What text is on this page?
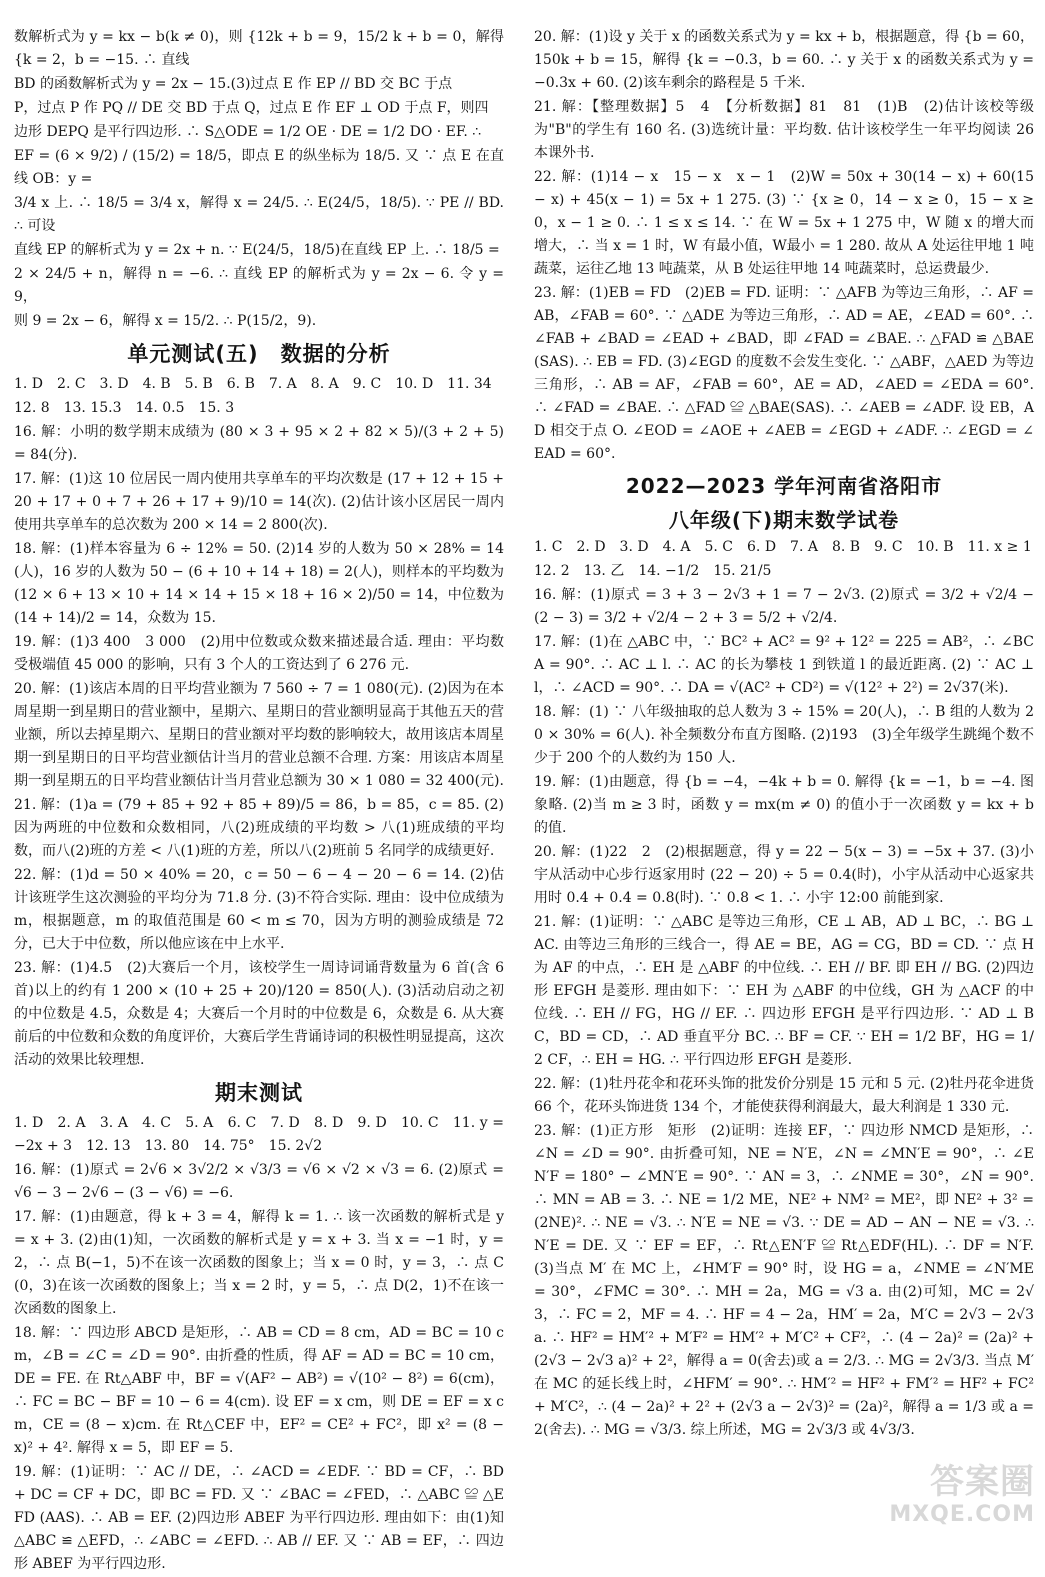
数解析式为 y = kx − b(k ≠ 0)，则 {12k + b = 9，15/2 k + b = 0，解得 {k = 2，b = −15. ∴ 直线

BD 的函数解析式为 y = 2x − 15.(3)过点 E 作 EP // BD 交 BC 于点

P，过点 P 作 PQ // DE 交 BD 于点 Q，过点 E 作 EF ⊥ OD 于点 F，则四

边形 DEPQ 是平行四边形. ∴ S△ODE = 1/2 OE · DE = 1/2 DO · EF. ∴

EF = (6 × 9/2) / (15/2) = 18/5，即点 E 的纵坐标为 18/5. 又 ∵ 点 E 在直线 OB：y =

3/4 x 上. ∴ 18/5 = 3/4 x，解得 x = 24/5. ∴ E(24/5，18/5). ∵ PE // BD. ∴ 可设

直线 EP 的解析式为 y = 2x + n. ∵ E(24/5，18/5)在直线 EP 上. ∴ 18/5 =

2 × 24/5 + n，解得 n = −6. ∴ 直线 EP 的解析式为 y = 2x − 6. 令 y = 9，

则 9 = 2x − 6，解得 x = 15/2. ∴ P(15/2，9).

单元测试(五)　数据的分析

1. D　2. C　3. D　4. B　5. B　6. B　7. A　8. A　9. C　10. D　11. 34

12. 8　13. 15.3　14. 0.5　15. 3

16. 解：小明的数学期末成绩为 (80 × 3 + 95 × 2 + 82 × 5)/(3 + 2 + 5) = 84(分).

17. 解：(1)这 10 位居民一周内使用共享单车的平均次数是 (17 + 12 + 15 + 20 + 17 + 0 + 7 + 26 + 17 + 9)/10 = 14(次). (2)估计该小区居民一周内使用共享单车的总次数为 200 × 14 = 2 800(次).

18. 解：(1)样本容量为 6 ÷ 12% = 50. (2)14 岁的人数为 50 × 28% = 14 (人)，16 岁的人数为 50 − (6 + 10 + 14 + 18) = 2(人)，则样本的平均数为 (12 × 6 + 13 × 10 + 14 × 14 + 15 × 18 + 16 × 2)/50 = 14，中位数为 (14 + 14)/2 = 14，众数为 15.

19. 解：(1)3 400　3 000　(2)用中位数或众数来描述最合适. 理由：平均数受极端值 45 000 的影响，只有 3 个人的工资达到了 6 276 元.

20. 解：(1)该店本周的日平均营业额为 7 560 ÷ 7 = 1 080(元). (2)因为在本周星期一到星期日的营业额中，星期六、星期日的营业额明显高于其他五天的营业额，所以去掉星期六、星期日的营业额对平均数的影响较大，故用该店本周星期一到星期日的日平均营业额估计当月的营业总额不合理. 方案：用该店本周星期一到星期五的日平均营业额估计当月营业总额为 30 × 1 080 = 32 400(元).

21. 解：(1)a = (79 + 85 + 92 + 85 + 89)/5 = 86，b = 85，c = 85. (2)因为两班的中位数和众数相同，八(2)班成绩的平均数 > 八(1)班成绩的平均数，而八(2)班的方差 < 八(1)班的方差，所以八(2)班前 5 名同学的成绩更好.

22. 解：(1)d = 50 × 40% = 20，c = 50 − 6 − 4 − 20 − 6 = 14. (2)估计该班学生这次测验的平均分为 71.8 分. (3)不符合实际. 理由：设中位成绩为 m，根据题意，m 的取值范围是 60 < m ≤ 70，因为方明的测验成绩是 72 分，已大于中位数，所以他应该在中上水平.

23. 解：(1)4.5　(2)大赛后一个月，该校学生一周诗词诵背数量为 6 首(含 6 首)以上的约有 1 200 × (10 + 25 + 20)/120 = 850(人). (3)活动启动之初的中位数是 4.5，众数是 4；大赛后一个月时的中位数是 6，众数是 6. 从大赛前后的中位数和众数的角度评价，大赛后学生背诵诗词的积极性明显提高，这次活动的效果比较理想.

期末测试

1. D　2. A　3. A　4. C　5. A　6. C　7. D　8. D　9. D　10. C　11. y = −2x + 3　12. 13　13. 80　14. 75°　15. 2√2

16. 解：(1)原式 = 2√6 × 3√2/2 × √3/3 = √6 × √2 × √3 = 6. (2)原式 = √6 − 3 − 2√6 − (3 − √6) = −6.

17. 解：(1)由题意，得 k + 3 = 4，解得 k = 1. ∴ 该一次函数的解析式是 y = x + 3. (2)由(1)知，一次函数的解析式是 y = x + 3. 当 x = −1 时，y = 2，∴ 点 B(−1，5)不在该一次函数的图象上；当 x = 0 时，y = 3，∴ 点 C(0，3)在该一次函数的图象上；当 x = 2 时，y = 5，∴ 点 D(2，1)不在该一次函数的图象上.

18. 解：∵ 四边形 ABCD 是矩形，∴ AB = CD = 8 cm，AD = BC = 10 cm，∠B = ∠C = ∠D = 90°. 由折叠的性质，得 AF = AD = BC = 10 cm，DE = FE. 在 Rt△ABF 中，BF = √(AF² − AB²) = √(10² − 8²) = 6(cm)，∴ FC = BC − BF = 10 − 6 = 4(cm). 设 EF = x cm，则 DE = EF = x cm，CE = (8 − x)cm. 在 Rt△CEF 中，EF² = CE² + FC²，即 x² = (8 − x)² + 4². 解得 x = 5，即 EF = 5.

19. 解：(1)证明：∵ AC // DE，∴ ∠ACD = ∠EDF. ∵ BD = CF，∴ BD + DC = CF + DC，即 BC = FD. 又 ∵ ∠BAC = ∠FED，∴ △ABC ≌ △EFD (AAS). ∴ AB = EF. (2)四边形 ABEF 为平行四边形. 理由如下：由(1)知 △ABC ≌ △EFD，∴ ∠ABC = ∠EFD. ∴ AB // EF. 又 ∵ AB = EF，∴ 四边形 ABEF 为平行四边形.

20. 解：(1)设 y 关于 x 的函数关系式为 y = kx + b，根据题意，得 {b = 60，150k + b = 15，解得 {k = −0.3，b = 60. ∴ y 关于 x 的函数关系式为 y = −0.3x + 60. (2)该车剩余的路程是 5 千米.

21. 解：【整理数据】5　4　【分析数据】81　81　(1)B　(2)估计该校等级为"B"的学生有 160 名. (3)选统计量：平均数. 估计该校学生一年平均阅读 26 本课外书.

22. 解：(1)14 − x　15 − x　x − 1　(2)W = 50x + 30(14 − x) + 60(15 − x) + 45(x − 1) = 5x + 1 275. (3) ∵ {x ≥ 0，14 − x ≥ 0，15 − x ≥ 0，x − 1 ≥ 0. ∴ 1 ≤ x ≤ 14. ∵ 在 W = 5x + 1 275 中，W 随 x 的增大而增大，∴ 当 x = 1 时，W 有最小值，W最小 = 1 280. 故从 A 处运往甲地 1 吨蔬菜，运往乙地 13 吨蔬菜，从 B 处运往甲地 14 吨蔬菜时，总运费最少.

23. 解：(1)EB = FD　(2)EB = FD. 证明：∵ △AFB 为等边三角形，∴ AF = AB，∠FAB = 60°. ∵ △ADE 为等边三角形，∴ AD = AE，∠EAD = 60°. ∴ ∠FAB + ∠BAD = ∠EAD + ∠BAD，即 ∠FAD = ∠BAE. ∴ △FAD ≌ △BAE(SAS). ∴ EB = FD. (3)∠EGD 的度数不会发生变化. ∵ △ABF，△AED 为等边三角形，∴ AB = AF，∠FAB = 60°，AE = AD，∠AED = ∠EDA = 60°. ∴ ∠FAD = ∠BAE. ∴ △FAD ≌ △BAE(SAS). ∴ ∠AEB = ∠ADF. 设 EB，AD 相交于点 O. ∠EOD = ∠AOE + ∠AEB = ∠EGD + ∠ADF. ∴ ∠EGD = ∠EAD = 60°.

2022—2023 学年河南省洛阳市
八年级(下)期末数学试卷

1. C　2. D　3. D　4. A　5. C　6. D　7. A　8. B　9. C　10. B　11. x ≥ 1

12. 2　13. 乙　14. −1/2　15. 21/5

16. 解：(1)原式 = 3 + 3 − 2√3 + 1 = 7 − 2√3. (2)原式 = 3/2 + √2/4 − (2 − 3) = 3/2 + √2/4 − 2 + 3 = 5/2 + √2/4.

17. 解：(1)在 △ABC 中，∵ BC² + AC² = 9² + 12² = 225 = AB²，∴ ∠BCA = 90°. ∴ AC ⊥ l. ∴ AC 的长为攀枝 1 到铁道 l 的最近距离. (2) ∵ AC ⊥ l，∴ ∠ACD = 90°. ∴ DA = √(AC² + CD²) = √(12² + 2²) = 2√37(米).

18. 解：(1) ∵ 八年级抽取的总人数为 3 ÷ 15% = 20(人)，∴ B 组的人数为 20 × 30% = 6(人). 补全频数分布直方图略. (2)193　(3)全年级学生跳绳个数不少于 200 个的人数约为 150 人.

19. 解：(1)由题意，得 {b = −4，−4k + b = 0. 解得 {k = −1，b = −4. 图象略. (2)当 m ≥ 3 时，函数 y = mx(m ≠ 0) 的值小于一次函数 y = kx + b 的值.

20. 解：(1)22　2　(2)根据题意，得 y = 22 − 5(x − 3) = −5x + 37. (3)小宇从活动中心步行返家用时 (22 − 20) ÷ 5 = 0.4(时)，小宇从活动中心返家共用时 0.4 + 0.4 = 0.8(时). ∵ 0.8 < 1. ∴ 小宇 12:00 前能到家.

21. 解：(1)证明：∵ △ABC 是等边三角形，CE ⊥ AB，AD ⊥ BC，∴ BG ⊥ AC. 由等边三角形的三线合一，得 AE = BE，AG = CG，BD = CD. ∵ 点 H 为 AF 的中点，∴ EH 是 △ABF 的中位线. ∴ EH // BF. 即 EH // BG. (2)四边形 EFGH 是菱形. 理由如下：∵ EH 为 △ABF 的中位线，GH 为 △ACF 的中位线. ∴ EH // FG，HG // EF. ∴ 四边形 EFGH 是平行四边形. ∵ AD ⊥ BC，BD = CD，∴ AD 垂直平分 BC. ∴ BF = CF. ∵ EH = 1/2 BF，HG = 1/2 CF，∴ EH = HG. ∴ 平行四边形 EFGH 是菱形.

22. 解：(1)牡丹花伞和花环头饰的批发价分别是 15 元和 5 元. (2)牡丹花伞进货 66 个，花环头饰进货 134 个，才能使获得利润最大，最大利润是 1 330 元.

23. 解：(1)正方形　矩形　(2)证明：连接 EF，∵ 四边形 NMCD 是矩形，∴ ∠N = ∠D = 90°. 由折叠可知，NE = N′E，∠N = ∠MN′E = 90°，∴ ∠EN′F = 180° − ∠MN′E = 90°. ∵ AN = 3，∴ ∠NME = 30°，∠N = 90°. ∴ MN = AB = 3. ∴ NE = 1/2 ME，NE² + NM² = ME²，即 NE² + 3² = (2NE)². ∴ NE = √3. ∴ N′E = NE = √3. ∵ DE = AD − AN − NE = √3. ∴ N′E = DE. 又 ∵ EF = EF，∴ Rt△EN′F ≌ Rt△EDF(HL). ∴ DF = N′F. (3)当点 M′ 在 MC 上，∠HM′F = 90° 时，设 HG = a，∠NME = ∠N′ME = 30°，∠FMC = 30°. ∴ MH = 2a，MG = √3 a. 由(2)可知，MC = 2√3，∴ FC = 2，MF = 4. ∴ HF = 4 − 2a，HM′ = 2a，M′C = 2√3 − 2√3 a. ∴ HF² = HM′² + M′F² = HM′² + M′C² + CF²，∴ (4 − 2a)² = (2a)² + (2√3 − 2√3 a)² + 2²，解得 a = 0(舍去)或 a = 2/3. ∴ MG = 2√3/3. 当点 M′ 在 MC 的延长线上时，∠HFM′ = 90°. ∴ HM′² = HF² + FM′² = HF² + FC² + M′C²，∴ (4 − 2a)² + 2² + (2√3 a − 2√3)² = (2a)²，解得 a = 1/3 或 a = 2(舍去). ∴ MG = √3/3. 综上所述，MG = 2√3/3 或 4√3/3.

答案圈
MXQE.COM
